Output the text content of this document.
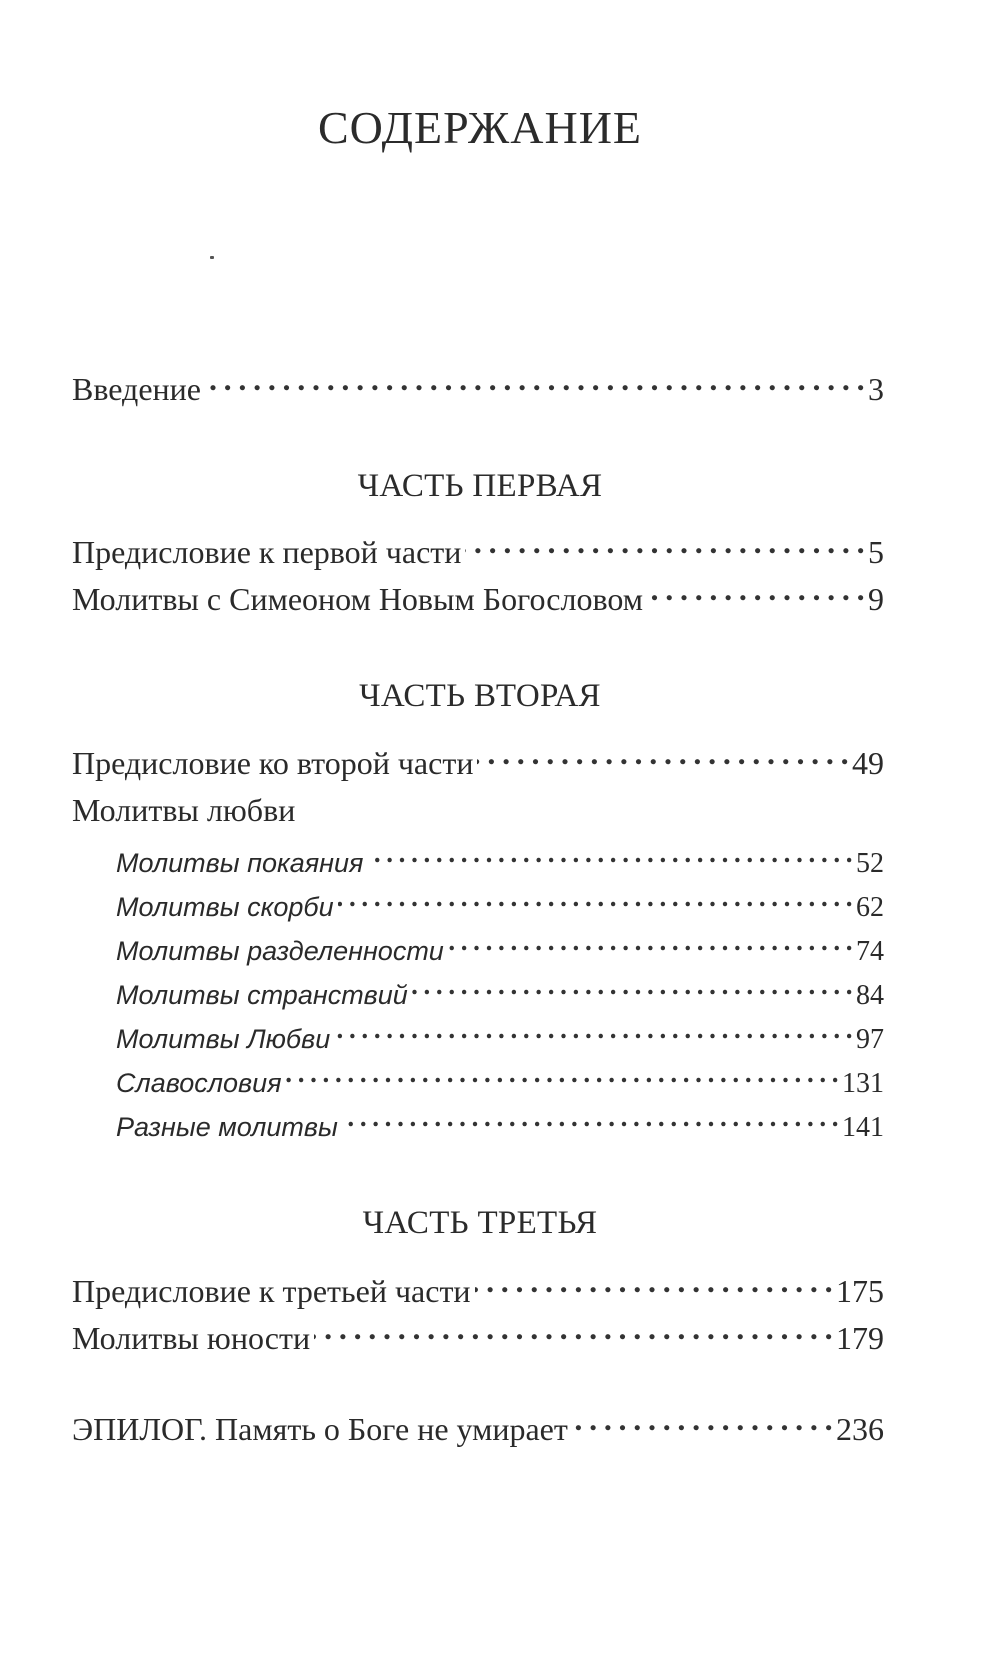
СОДЕРЖАНИЕ
Введение . . .	3
ЧАСТЬ ПЕРВАЯ
Предисловие к первой части . . .	5
Молитвы с Симеоном Новым Богословом . . .	9
ЧАСТЬ ВТОРАЯ
Предисловие ко второй части . . .	49
Молитвы любви
Молитвы покаяния . . .	52
Молитвы скорби . . .	62
Молитвы разделенности . . .	74
Молитвы странствий . . .	84
Молитвы Любви . . .	97
Славословия . . .	131
Разные молитвы . . .	141
ЧАСТЬ ТРЕТЬЯ
Предисловие к третьей части . . .	175
Молитвы юности . . .	179
ЭПИЛОГ. Память о Боге не умирает . . .	236
